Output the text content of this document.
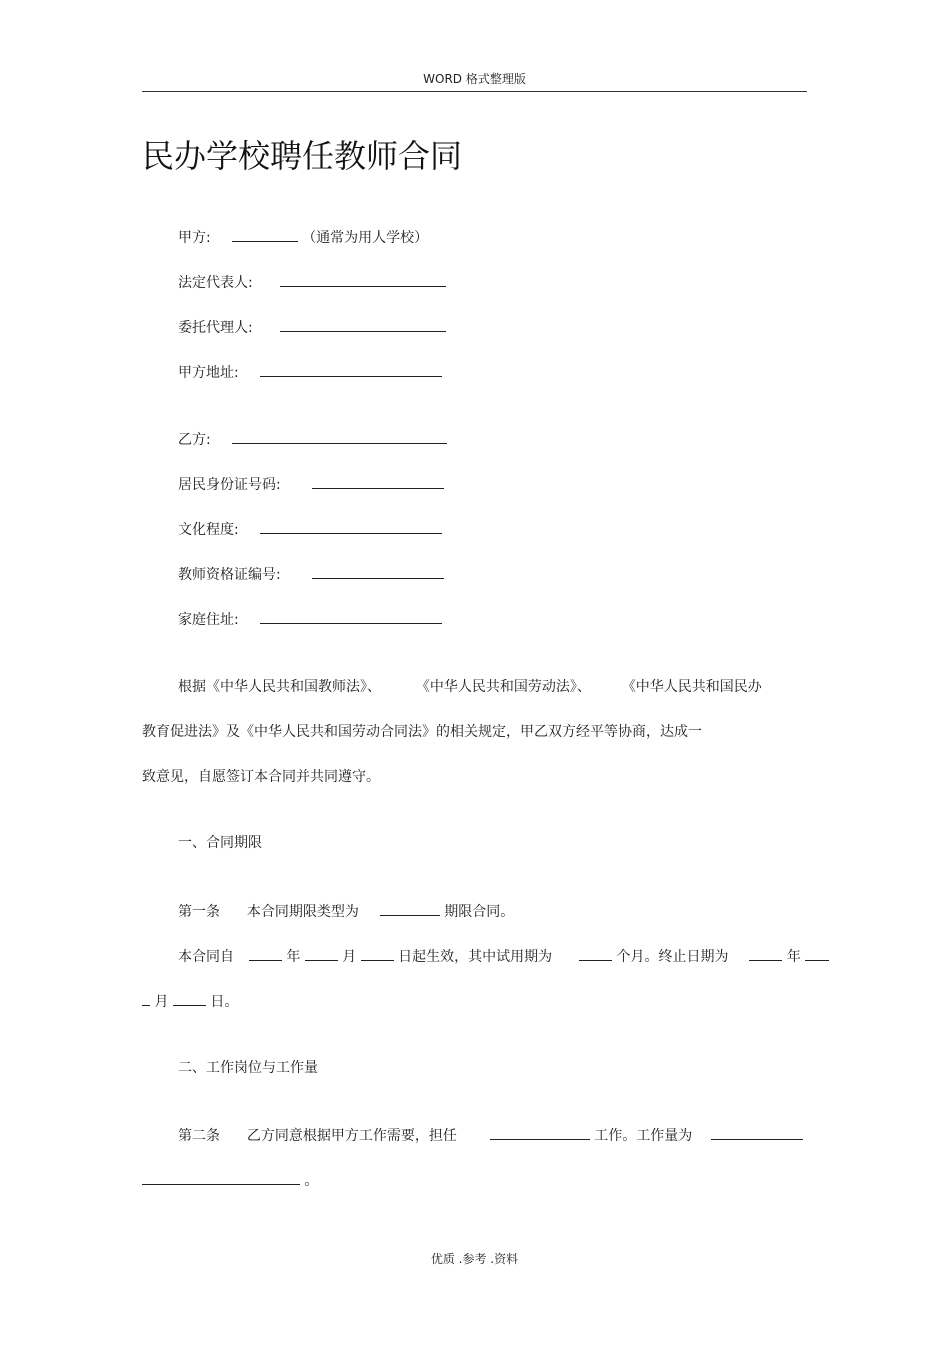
WORD 格式整理版
民办学校聘任教师合同
甲方:	（通常为用人学校）
法定代表人:
委托代理人:
甲方地址:
乙方:
居民身份证号码:
文化程度:
教师资格证编号:
家庭住址:
根据《中华人民共和国教师法》、 《中华人民共和国劳动法》、 《中华人民共和国民办
教育促进法》及《中华人民共和国劳动合同法》的相关规定，甲乙双方经平等协商，达成一
致意见，自愿签订本合同并共同遵守。
一、合同期限
第一条 本合同期限类型为	期限合同。
本合同自	年	月	日起生效，其中试用期为	个月。终止日期为	年
月	日。
二、工作岗位与工作量
第二条 乙方同意根据甲方工作需要，担任	工作。工作量为
。
优质 .参考 .资料
